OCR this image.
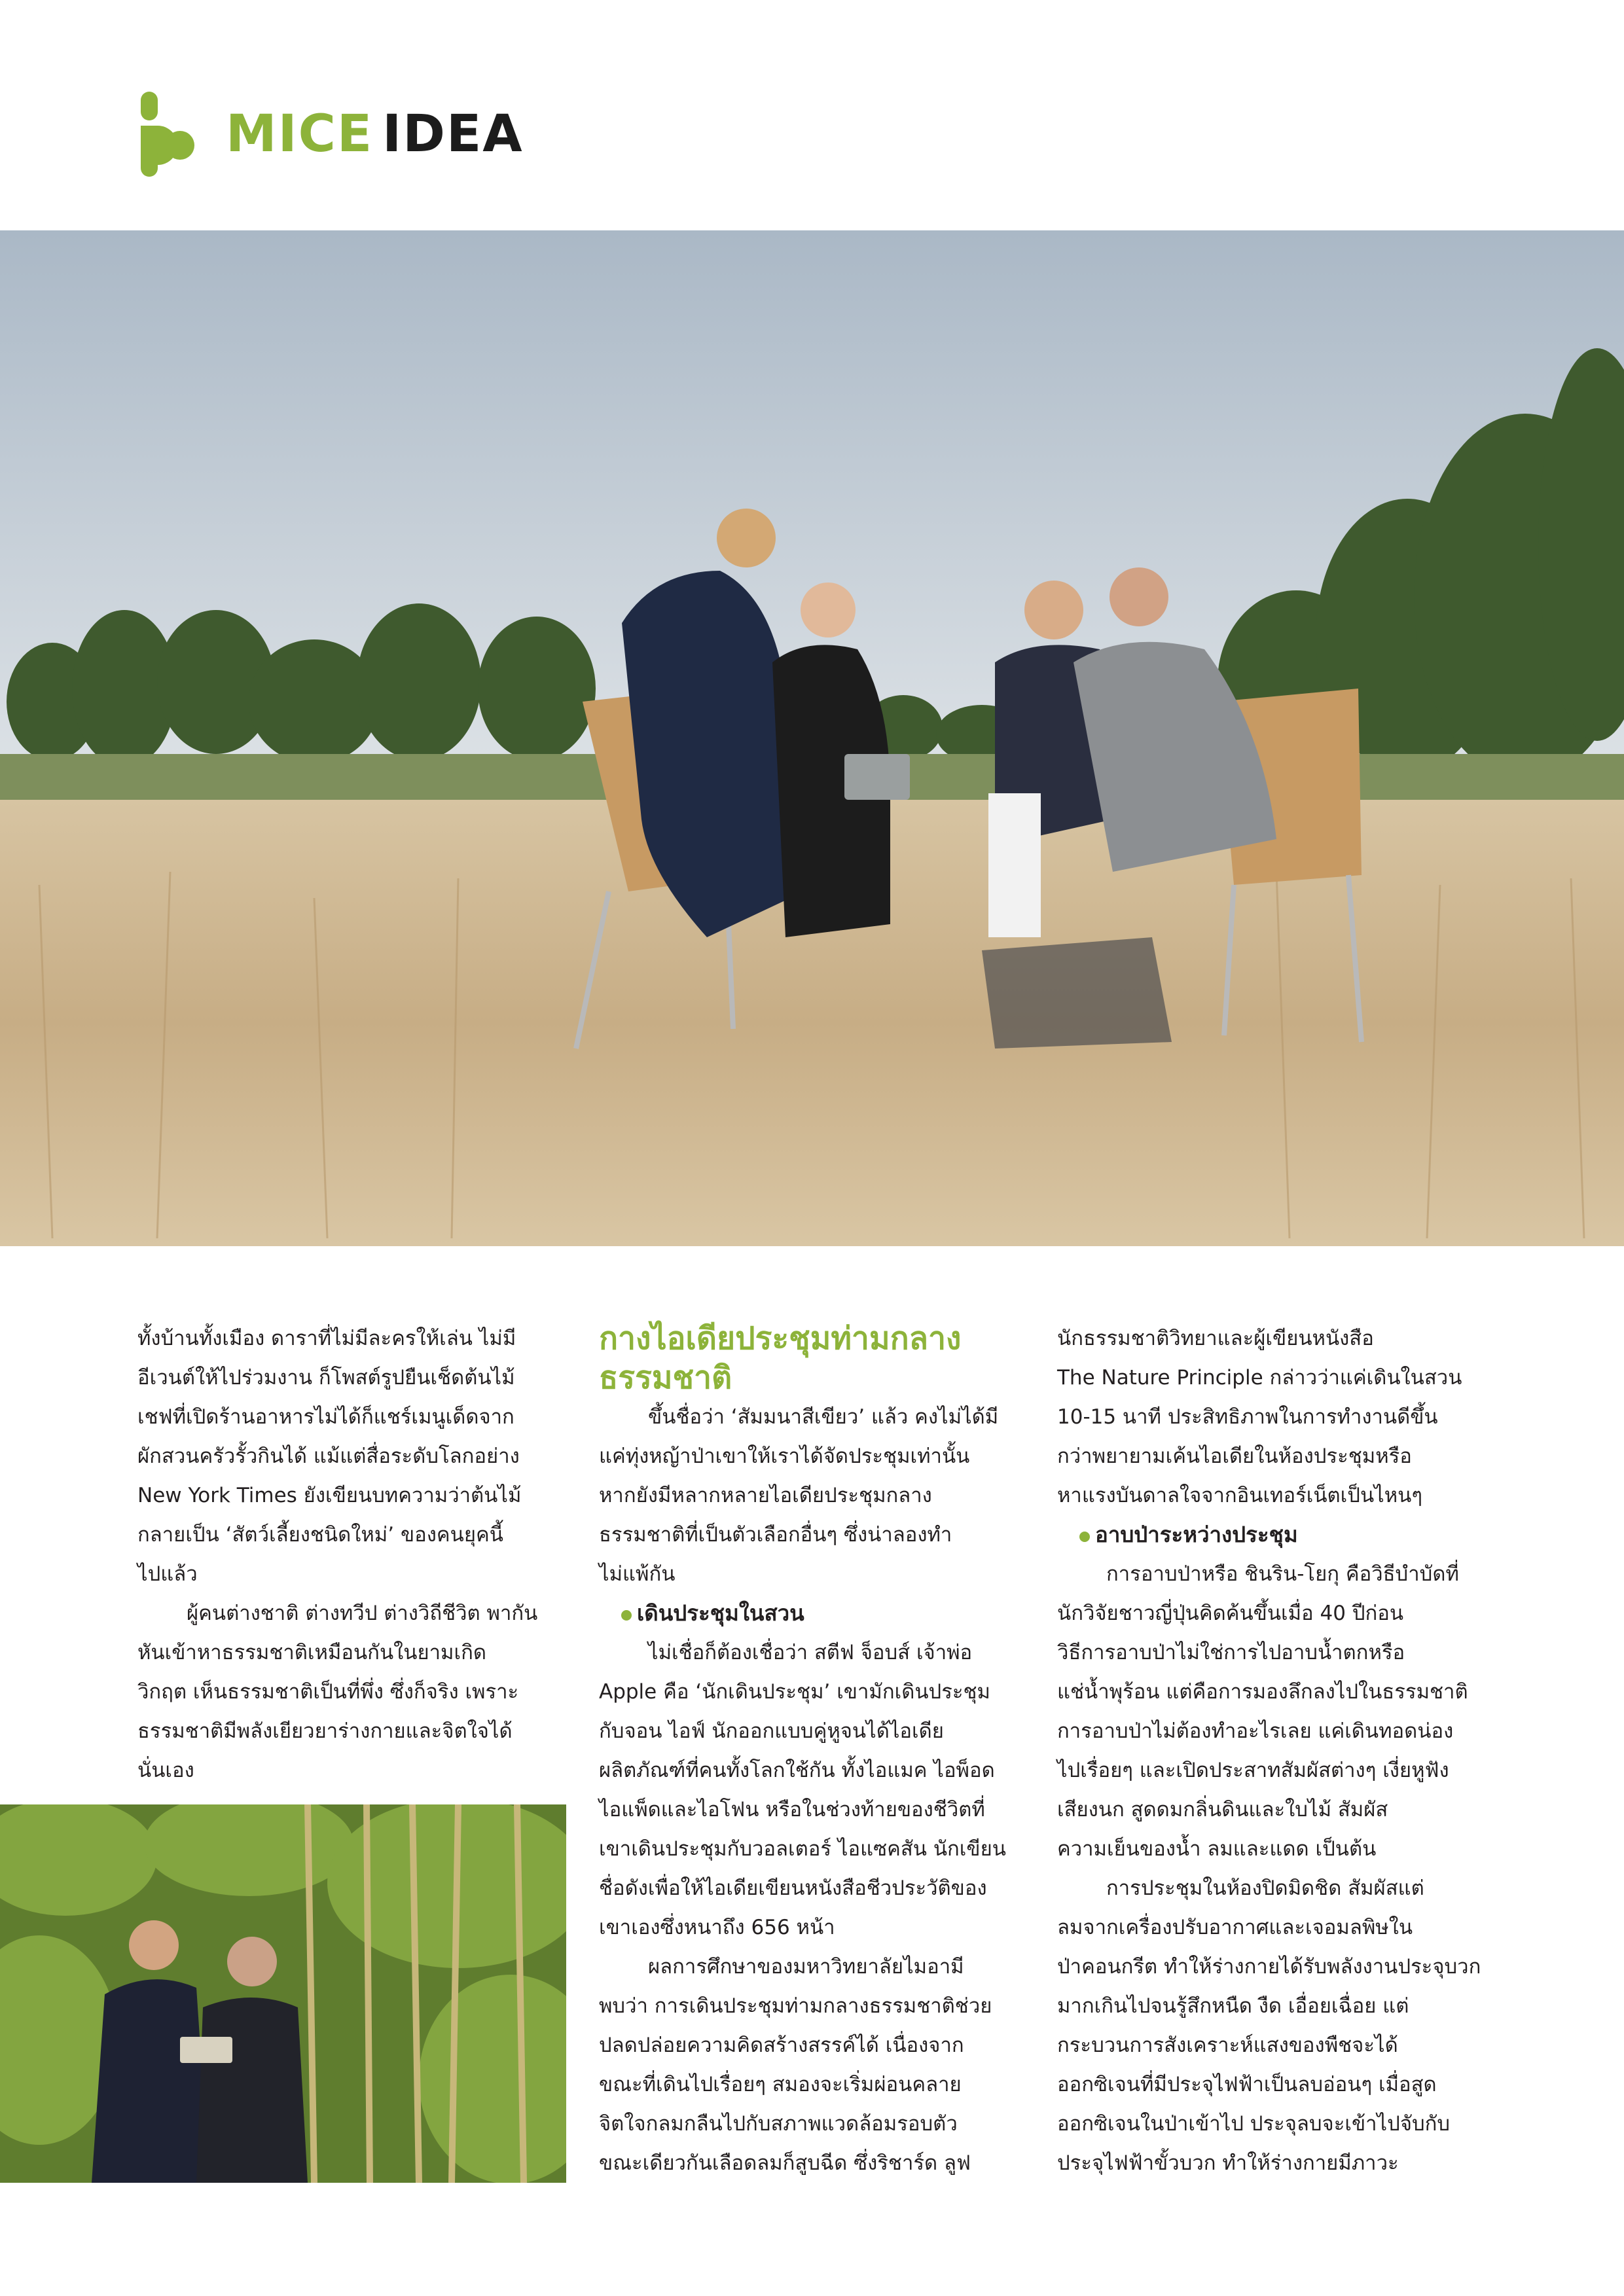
MICE IDEA

ทั้งบ้านทั้งเมือง ดาราที่ไม่มีละครให้เล่น ไม่มี

อีเวนต์ให้ไปร่วมงาน ก็โพสต์รูปยืนเช็ดต้นไม้

เชฟที่เปิดร้านอาหารไม่ได้ก็แชร์เมนูเด็ดจาก

ผักสวนครัวรั้วกินได้ แม้แต่สื่อระดับโลกอย่าง

New York Times ยังเขียนบทความว่าต้นไม้

กลายเป็น ‘สัตว์เลี้ยงชนิดใหม่’ ของคนยุคนี้

ไปแล้ว

ผู้คนต่างชาติ ต่างทวีป ต่างวิถีชีวิต พากัน

หันเข้าหาธรรมชาติเหมือนกันในยามเกิด

วิกฤต เห็นธรรมชาติเป็นที่พึ่ง ซึ่งก็จริง เพราะ

ธรรมชาติมีพลังเยียวยาร่างกายและจิตใจได้

นั่นเอง

กางไอเดียประชุมท่ามกลาง
ธรรมชาติ

ขึ้นชื่อว่า ‘สัมมนาสีเขียว’ แล้ว คงไม่ได้มี

แค่ทุ่งหญ้าป่าเขาให้เราได้จัดประชุมเท่านั้น

หากยังมีหลากหลายไอเดียประชุมกลาง

ธรรมชาติที่เป็นตัวเลือกอื่นๆ ซึ่งน่าลองทำ

ไม่แพ้กัน

เดินประชุมในสวน

ไม่เชื่อก็ต้องเชื่อว่า สตีฟ จ็อบส์ เจ้าพ่อ

Apple คือ ‘นักเดินประชุม’ เขามักเดินประชุม

กับจอน ไอฟ์ นักออกแบบคู่หูจนได้ไอเดีย

ผลิตภัณฑ์ที่คนทั้งโลกใช้กัน ทั้งไอแมค ไอพ็อด

ไอแพ็ดและไอโฟน หรือในช่วงท้ายของชีวิตที่

เขาเดินประชุมกับวอลเตอร์ ไอแซคสัน นักเขียน

ชื่อดังเพื่อให้ไอเดียเขียนหนังสือชีวประวัติของ

เขาเองซึ่งหนาถึง 656 หน้า

ผลการศึกษาของมหาวิทยาลัยไมอามี

พบว่า การเดินประชุมท่ามกลางธรรมชาติช่วย

ปลดปล่อยความคิดสร้างสรรค์ได้ เนื่องจาก

ขณะที่เดินไปเรื่อยๆ สมองจะเริ่มผ่อนคลาย

จิตใจกลมกลืนไปกับสภาพแวดล้อมรอบตัว

ขณะเดียวกันเลือดลมก็สูบฉีด ซึ่งริชาร์ด ลูฟ

นักธรรมชาติวิทยาและผู้เขียนหนังสือ

The Nature Principle กล่าวว่าแค่เดินในสวน

10-15 นาที ประสิทธิภาพในการทำงานดีขึ้น

กว่าพยายามเค้นไอเดียในห้องประชุมหรือ

หาแรงบันดาลใจจากอินเทอร์เน็ตเป็นไหนๆ

อาบป่าระหว่างประชุม

การอาบป่าหรือ ชินริน-โยกุ คือวิธีบำบัดที่

นักวิจัยชาวญี่ปุ่นคิดค้นขึ้นเมื่อ 40 ปีก่อน

วิธีการอาบป่าไม่ใช่การไปอาบน้ำตกหรือ

แช่น้ำพุร้อน แต่คือการมองลึกลงไปในธรรมชาติ

การอาบป่าไม่ต้องทำอะไรเลย แค่เดินทอดน่อง

ไปเรื่อยๆ และเปิดประสาทสัมผัสต่างๆ เงี่ยหูฟัง

เสียงนก สูดดมกลิ่นดินและใบไม้ สัมผัส

ความเย็นของน้ำ ลมและแดด เป็นต้น

การประชุมในห้องปิดมิดชิด สัมผัสแต่

ลมจากเครื่องปรับอากาศและเจอมลพิษใน

ป่าคอนกรีต ทำให้ร่างกายได้รับพลังงานประจุบวก

มากเกินไปจนรู้สึกหนืด งืด เอื่อยเฉื่อย แต่

กระบวนการสังเคราะห์แสงของพืชจะได้

ออกซิเจนที่มีประจุไฟฟ้าเป็นลบอ่อนๆ เมื่อสูด

ออกซิเจนในป่าเข้าไป ประจุลบจะเข้าไปจับกับ

ประจุไฟฟ้าขั้วบวก ทำให้ร่างกายมีภาวะ
